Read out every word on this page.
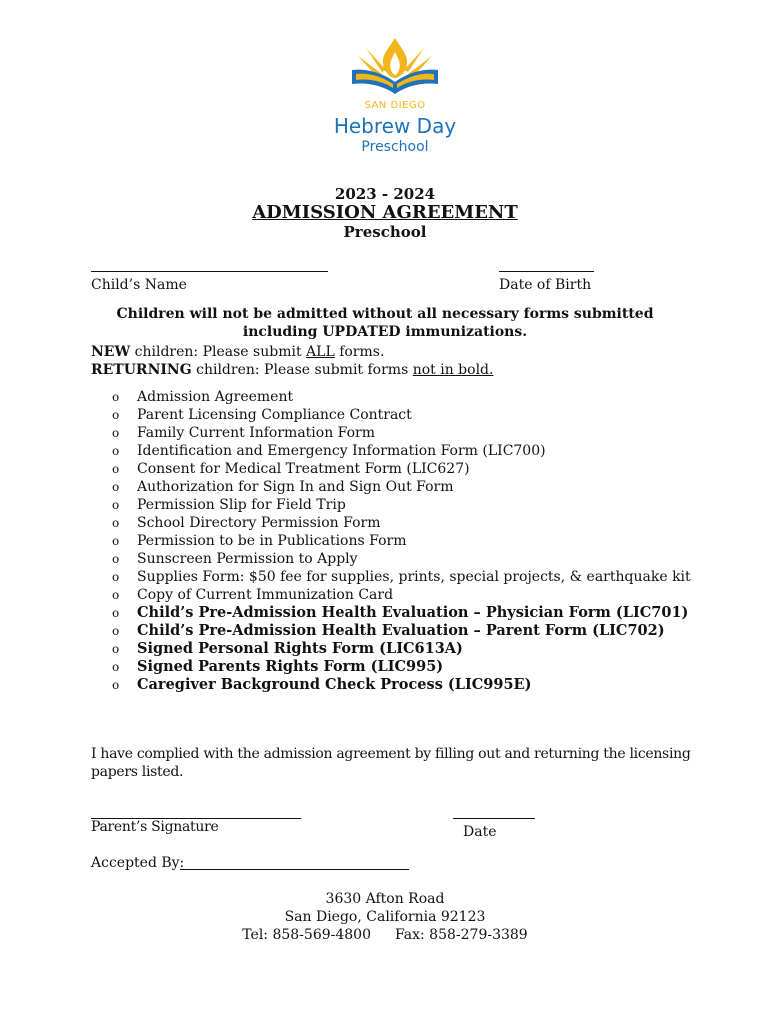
SAN DIEGO
Hebrew Day
Preschool
2023 - 2024
ADMISSION AGREEMENT
Preschool
Child’s Name	Date of Birth
Children will not be admitted without all necessary forms submitted
including UPDATED immunizations.
NEW children: Please submit ALL forms.
RETURNING children: Please submit forms not in bold.
o Admission Agreement
o Parent Licensing Compliance Contract
o Family Current Information Form
o Identification and Emergency Information Form (LIC700)
o Consent for Medical Treatment Form (LIC627)
o Authorization for Sign In and Sign Out Form
o Permission Slip for Field Trip
o School Directory Permission Form
o Permission to be in Publications Form
o Sunscreen Permission to Apply
o Supplies Form: $50 fee for supplies, prints, special projects, & earthquake kit
o Copy of Current Immunization Card
o Child’s Pre-Admission Health Evaluation – Physician Form (LIC701)
o Child’s Pre-Admission Health Evaluation – Parent Form (LIC702)
o Signed Personal Rights Form (LIC613A)
o Signed Parents Rights Form (LIC995)
o Caregiver Background Check Process (LIC995E)
I have complied with the admission agreement by filling out and returning the licensing
papers listed.
Parent’s Signature	Date
Accepted By:
3630 Afton Road
San Diego, California 92123
Tel: 858-569-4800 Fax: 858-279-3389
